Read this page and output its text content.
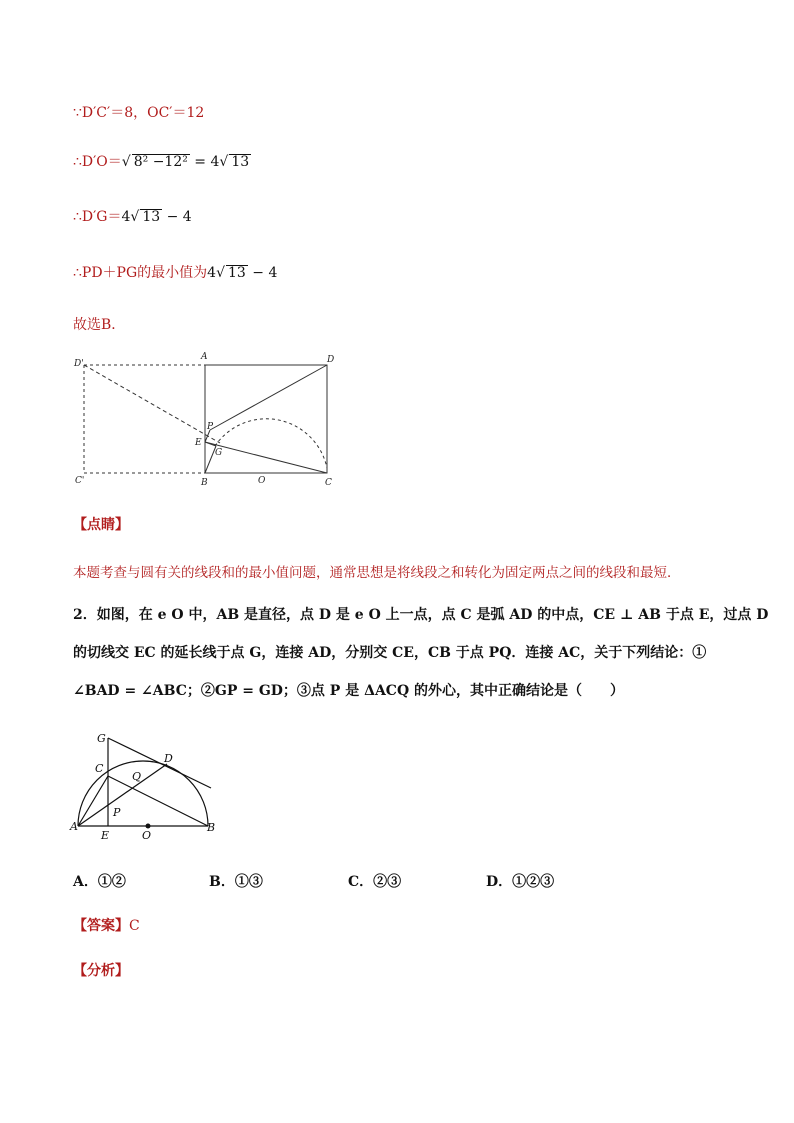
∵D′C′＝8，OC′＝12
∴D′O＝√ 8² −12² = 4√ 13
∴D′G＝4√ 13 − 4
∴PD＋PG的最小值为4√ 13 − 4
故选B．
D'
A	D
P
E
G
C'	B	O	C
【点睛】
本题考查与圆有关的线段和的最小值问题，通常思想是将线段之和转化为固定两点之间的线段和最短．
2．如图，在 e O 中，AB 是直径，点 D 是 e O 上一点，点 C 是弧 AD 的中点，CE ⊥ AB 于点 E，过点 D
的切线交 EC 的延长线于点 G，连接 AD，分别交 CE，CB 于点 PQ．连接 AC，关于下列结论：①
∠BAD = ∠ABC；②GP = GD；③点 P 是 ΔACQ 的外心，其中正确结论是（　　）
G
C
D
Q
P
A
E	O
B
A．①②	B．①③	C．②③	D．①②③
【答案】C
【分析】
